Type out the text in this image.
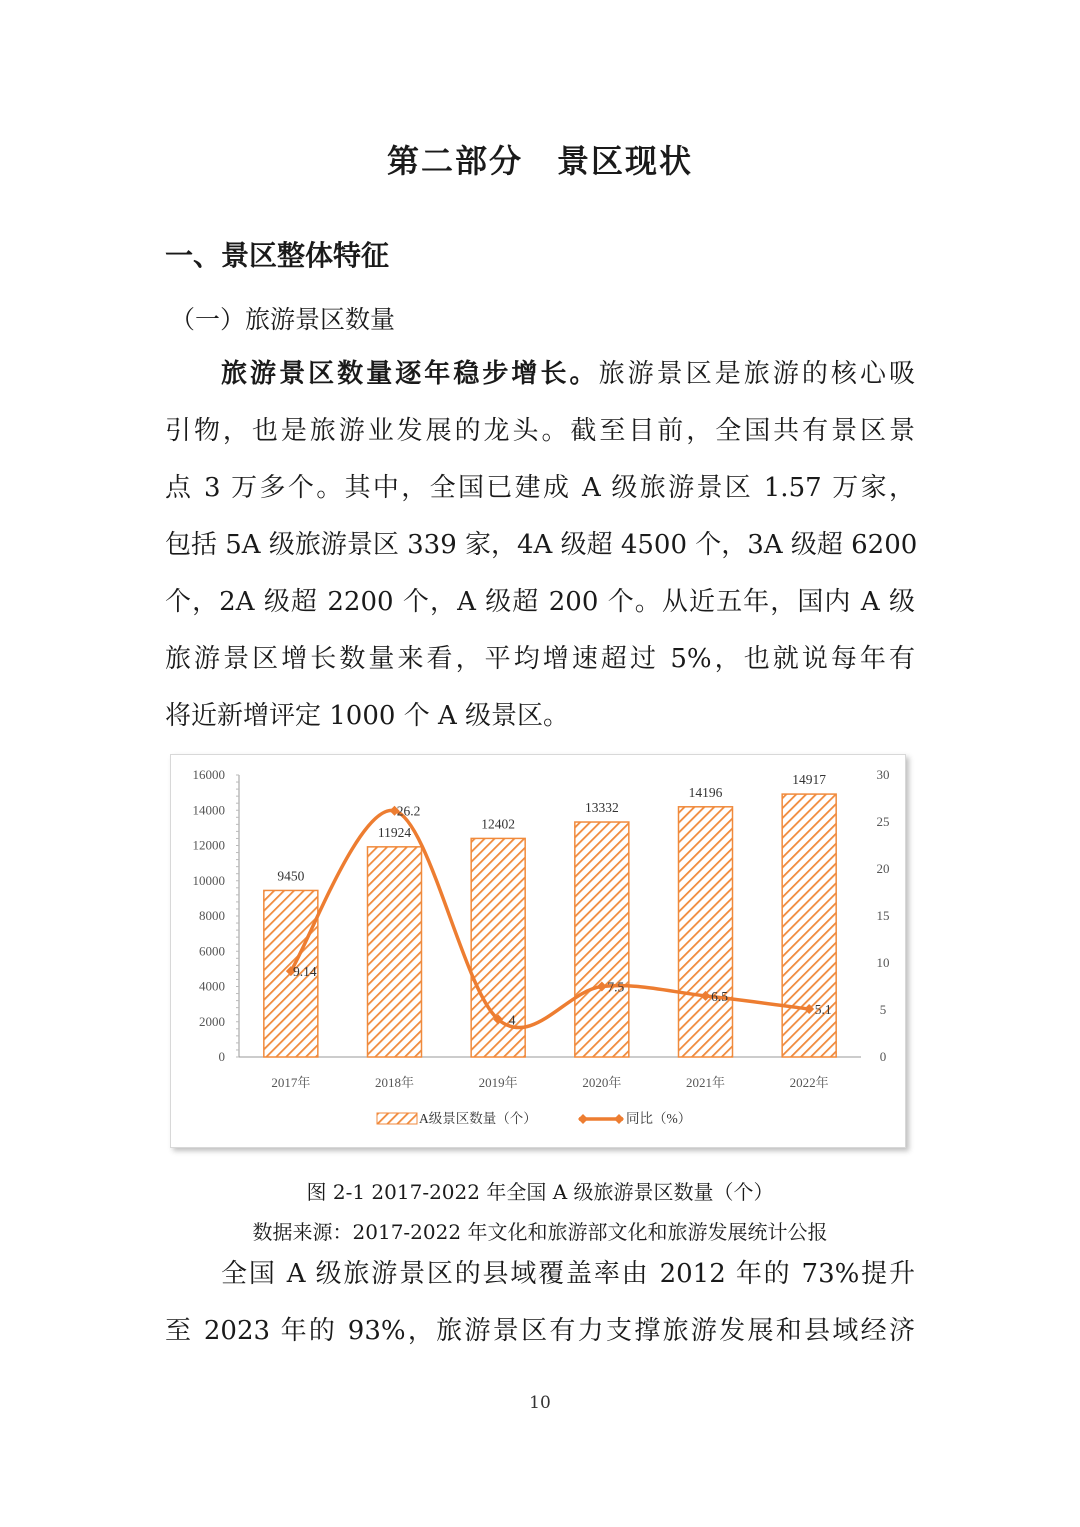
第二部分　景区现状
一、景区整体特征
（一）旅游景区数量
旅游景区数量逐年稳步增长。旅游景区是旅游的核心吸
引物，也是旅游业发展的龙头。截至目前，全国共有景区景
点 3 万多个。其中，全国已建成 A 级旅游景区 1.57 万家，
包括 5A 级旅游景区 339 家，4A 级超 4500 个，3A 级超 6200
个，2A 级超 2200 个，A 级超 200 个。从近五年，国内 A 级
旅游景区增长数量来看，平均增速超过 5%，也就说每年有
将近新增评定 1000 个 A 级景区。
0
2000
4000
6000
8000
10000
12000
14000
16000
0
5
10
15
20
25
30
2017年	2018年	2019年	2020年	2021年	2022年
9450
11924
12402
13332
14196
14917
9.14
26.2
4
7.5
6.5
5.1
A级景区数量（个）	同比（%）
图 2-1 2017-2022 年全国 A 级旅游景区数量（个）
数据来源：2017-2022 年文化和旅游部文化和旅游发展统计公报
全国 A 级旅游景区的县域覆盖率由 2012 年的 73%提升
至 2023 年的 93%，旅游景区有力支撑旅游发展和县域经济
10
